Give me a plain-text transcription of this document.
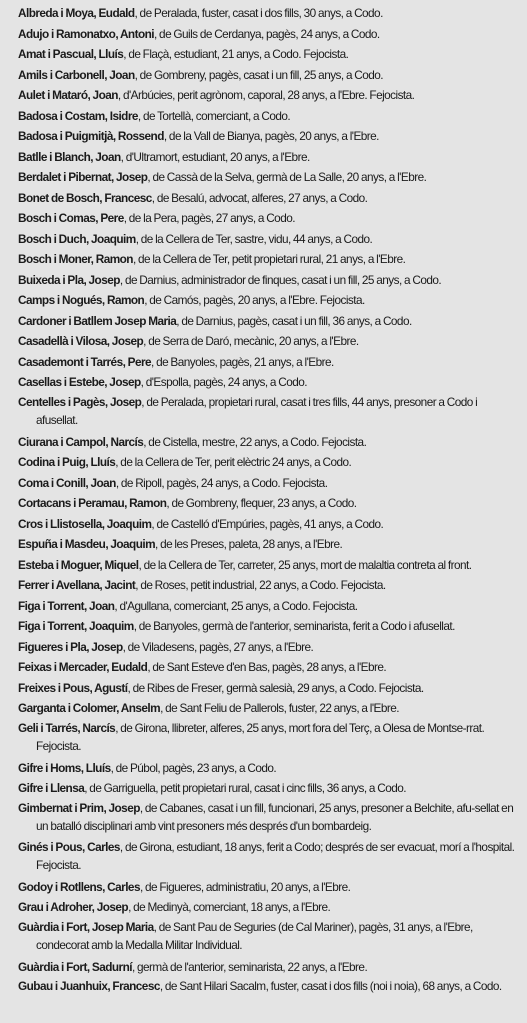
Albreda i Moya, Eudald, de Peralada, fuster, casat i dos fills, 30 anys, a Codo.

Adujo i Ramonatxo, Antoni, de Guils de Cerdanya, pagès, 24 anys, a Codo.

Amat i Pascual, Lluís, de Flaçà, estudiant, 21 anys, a Codo. Fejocista.

Amils i Carbonell, Joan, de Gombreny, pagès, casat i un fill, 25 anys, a Codo.

Aulet i Mataró, Joan, d'Arbúcies, perit agrònom, caporal, 28 anys, a l'Ebre. Fejocista.

Badosa i Costam, Isidre, de Tortellà, comerciant, a Codo.

Badosa i Puigmitjà, Rossend, de la Vall de Bianya, pagès, 20 anys, a l'Ebre.

Batlle i Blanch, Joan, d'Ultramort, estudiant, 20 anys, a l'Ebre.

Berdalet i Pibernat, Josep, de Cassà de la Selva, germà de La Salle, 20 anys, a l'Ebre.

Bonet de Bosch, Francesc, de Besalú, advocat, alferes, 27 anys, a Codo.

Bosch i Comas, Pere, de la Pera, pagès, 27 anys, a Codo.

Bosch i Duch, Joaquim, de la Cellera de Ter, sastre, vidu, 44 anys, a Codo.

Bosch i Moner, Ramon, de la Cellera de Ter, petit propietari rural, 21 anys, a l'Ebre.

Buixeda i Pla, Josep, de Darnius, administrador de finques, casat i un fill, 25 anys, a Codo.

Camps i Nogués, Ramon, de Camós, pagès, 20 anys, a l'Ebre. Fejocista.

Cardoner i Batllem Josep Maria, de Darnius, pagès, casat i un fill, 36 anys, a Codo.

Casadellà i Vilosa, Josep, de Serra de Daró, mecànic, 20 anys, a l'Ebre.

Casademont i Tarrés, Pere, de Banyoles, pagès, 21 anys, a l'Ebre.

Casellas i Estebe, Josep, d'Espolla, pagès, 24 anys, a Codo.

Centelles i Pagès, Josep, de Peralada, propietari rural, casat i tres fills, 44 anys, presoner a Codo i afusellat.

Ciurana i Campol, Narcís, de Cistella, mestre, 22 anys, a Codo. Fejocista.

Codina i Puig, Lluís, de la Cellera de Ter, perit elèctric 24 anys, a Codo.

Coma i Conill, Joan, de Ripoll, pagès, 24 anys, a Codo. Fejocista.

Cortacans i Peramau, Ramon, de Gombreny, flequer, 23 anys, a Codo.

Cros i Llistosella, Joaquim, de Castelló d'Empúries, pagès, 41 anys, a Codo.

Espuña i Masdeu, Joaquim, de les Preses, paleta, 28 anys, a l'Ebre.

Esteba i Moguer, Miquel, de la Cellera de Ter, carreter, 25 anys, mort de malaltia contreta al front.

Ferrer i Avellana, Jacint, de Roses, petit industrial, 22 anys, a Codo. Fejocista.

Figa i Torrent, Joan, d'Agullana, comerciant, 25 anys, a Codo. Fejocista.

Figa i Torrent, Joaquim, de Banyoles, germà de l'anterior, seminarista, ferit a Codo i afusellat.

Figueres i Pla, Josep, de Viladesens, pagès, 27 anys, a l'Ebre.

Feixas i Mercader, Eudald, de Sant Esteve d'en Bas, pagès, 28 anys, a l'Ebre.

Freixes i Pous, Agustí, de Ribes de Freser, germà salesià, 29 anys, a Codo. Fejocista.

Garganta i Colomer, Anselm, de Sant Feliu de Pallerols, fuster, 22 anys, a l'Ebre.

Geli i Tarrés, Narcís, de Girona, llibreter, alferes, 25 anys, mort fora del Terç, a Olesa de Montse-rrat. Fejocista.

Gifre i Homs, Lluís, de Púbol, pagès, 23 anys, a Codo.

Gifre i Llensa, de Garriguella, petit propietari rural, casat i cinc fills, 36 anys, a Codo.

Gimbernat i Prim, Josep, de Cabanes, casat i un fill, funcionari, 25 anys, presoner a Belchite, afu-sellat en un batalló disciplinari amb vint presoners més després d'un bombardeig.

Ginés i Pous, Carles, de Girona, estudiant, 18 anys, ferit a Codo; després de ser evacuat, morí a l'hospital. Fejocista.

Godoy i Rotllens, Carles, de Figueres, administratiu, 20 anys, a l'Ebre.

Grau i Adroher, Josep, de Medinyà, comerciant, 18 anys, a l'Ebre.

Guàrdia i Fort, Josep Maria, de Sant Pau de Seguries (de Cal Mariner), pagès, 31 anys, a l'Ebre, condecorat amb la Medalla Militar Individual.

Guàrdia i Fort, Sadurní, germà de l'anterior, seminarista, 22 anys, a l'Ebre.

Gubau i Juanhuix, Francesc, de Sant Hilari Sacalm, fuster, casat i dos fills (noi i noia), 68 anys, a Codo.
